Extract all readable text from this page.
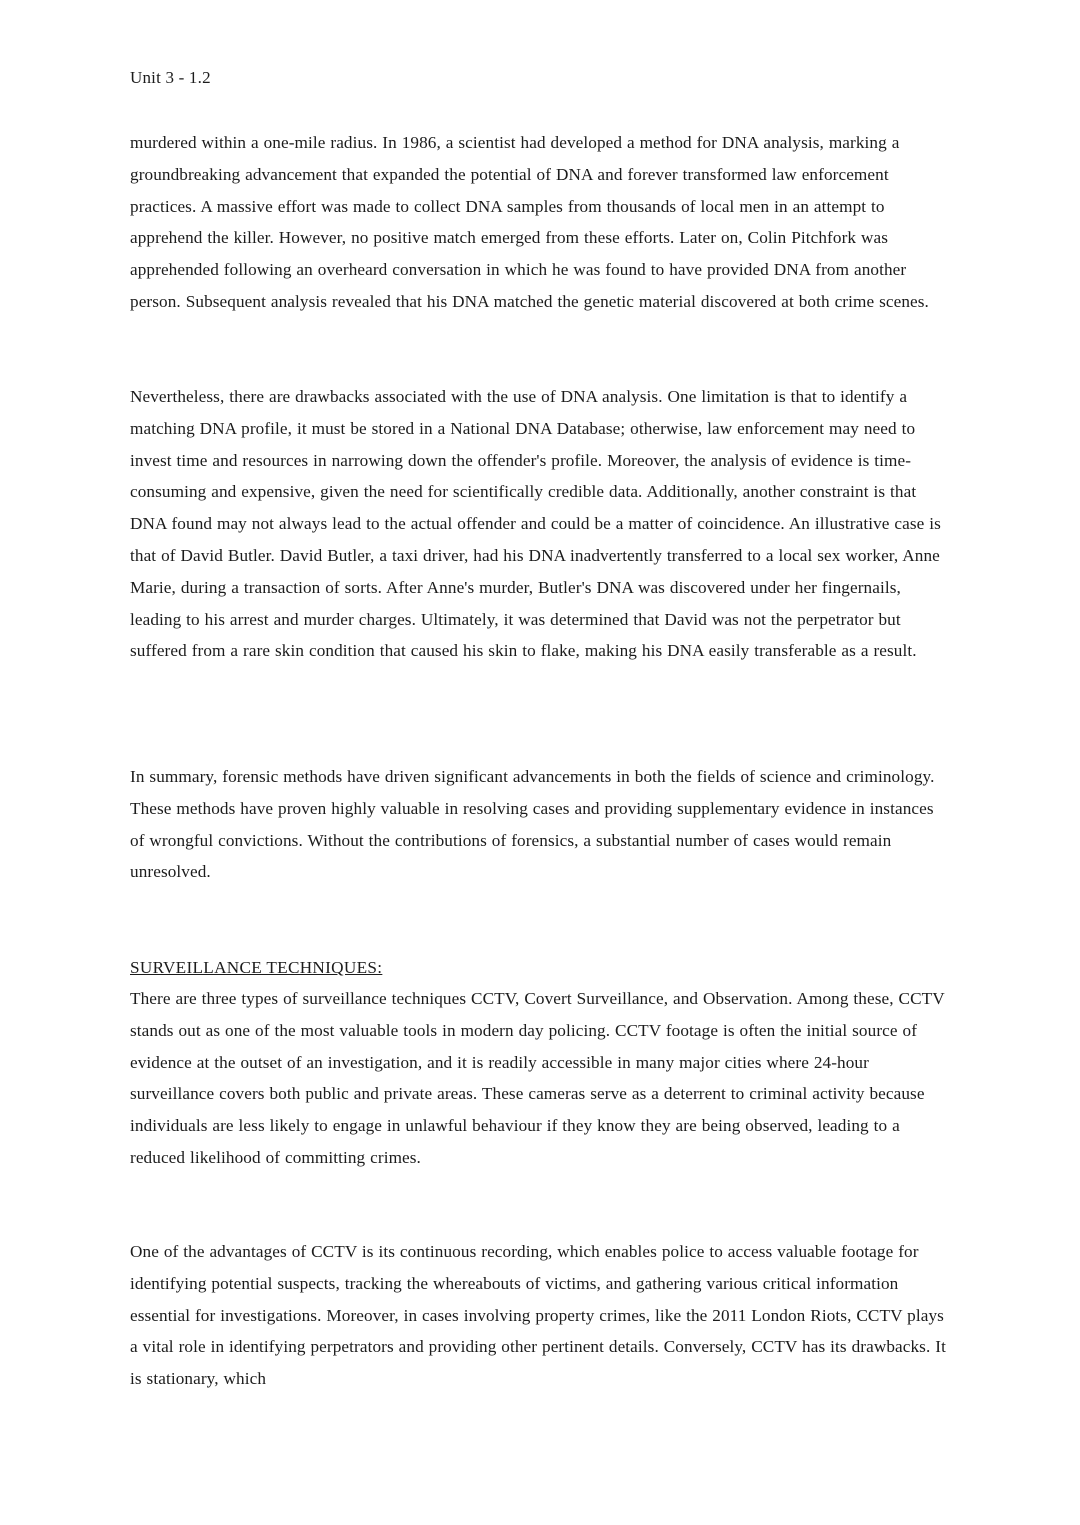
Unit 3 - 1.2

murdered within a one-mile radius. In 1986, a scientist had developed a method for DNA analysis, marking a groundbreaking advancement that expanded the potential of DNA and forever transformed law enforcement practices. A massive effort was made to collect DNA samples from thousands of local men in an attempt to apprehend the killer. However, no positive match emerged from these efforts. Later on, Colin Pitchfork was apprehended following an overheard conversation in which he was found to have provided DNA from another person. Subsequent analysis revealed that his DNA matched the genetic material discovered at both crime scenes.

Nevertheless, there are drawbacks associated with the use of DNA analysis. One limitation is that to identify a matching DNA profile, it must be stored in a National DNA Database; otherwise, law enforcement may need to invest time and resources in narrowing down the offender's profile. Moreover, the analysis of evidence is time-consuming and expensive, given the need for scientifically credible data. Additionally, another constraint is that DNA found may not always lead to the actual offender and could be a matter of coincidence. An illustrative case is that of David Butler. David Butler, a taxi driver, had his DNA inadvertently transferred to a local sex worker, Anne Marie, during a transaction of sorts. After Anne's murder, Butler's DNA was discovered under her fingernails, leading to his arrest and murder charges. Ultimately, it was determined that David was not the perpetrator but suffered from a rare skin condition that caused his skin to flake, making his DNA easily transferable as a result.

In summary, forensic methods have driven significant advancements in both the fields of science and criminology. These methods have proven highly valuable in resolving cases and providing supplementary evidence in instances of wrongful convictions. Without the contributions of forensics, a substantial number of cases would remain unresolved.

SURVEILLANCE TECHNIQUES:

There are three types of surveillance techniques CCTV, Covert Surveillance, and Observation. Among these, CCTV stands out as one of the most valuable tools in modern day policing. CCTV footage is often the initial source of evidence at the outset of an investigation, and it is readily accessible in many major cities where 24-hour surveillance covers both public and private areas. These cameras serve as a deterrent to criminal activity because individuals are less likely to engage in unlawful behaviour if they know they are being observed, leading to a reduced likelihood of committing crimes.

One of the advantages of CCTV is its continuous recording, which enables police to access valuable footage for identifying potential suspects, tracking the whereabouts of victims, and gathering various critical information essential for investigations. Moreover, in cases involving property crimes, like the 2011 London Riots, CCTV plays a vital role in identifying perpetrators and providing other pertinent details. Conversely, CCTV has its drawbacks. It is stationary, which
